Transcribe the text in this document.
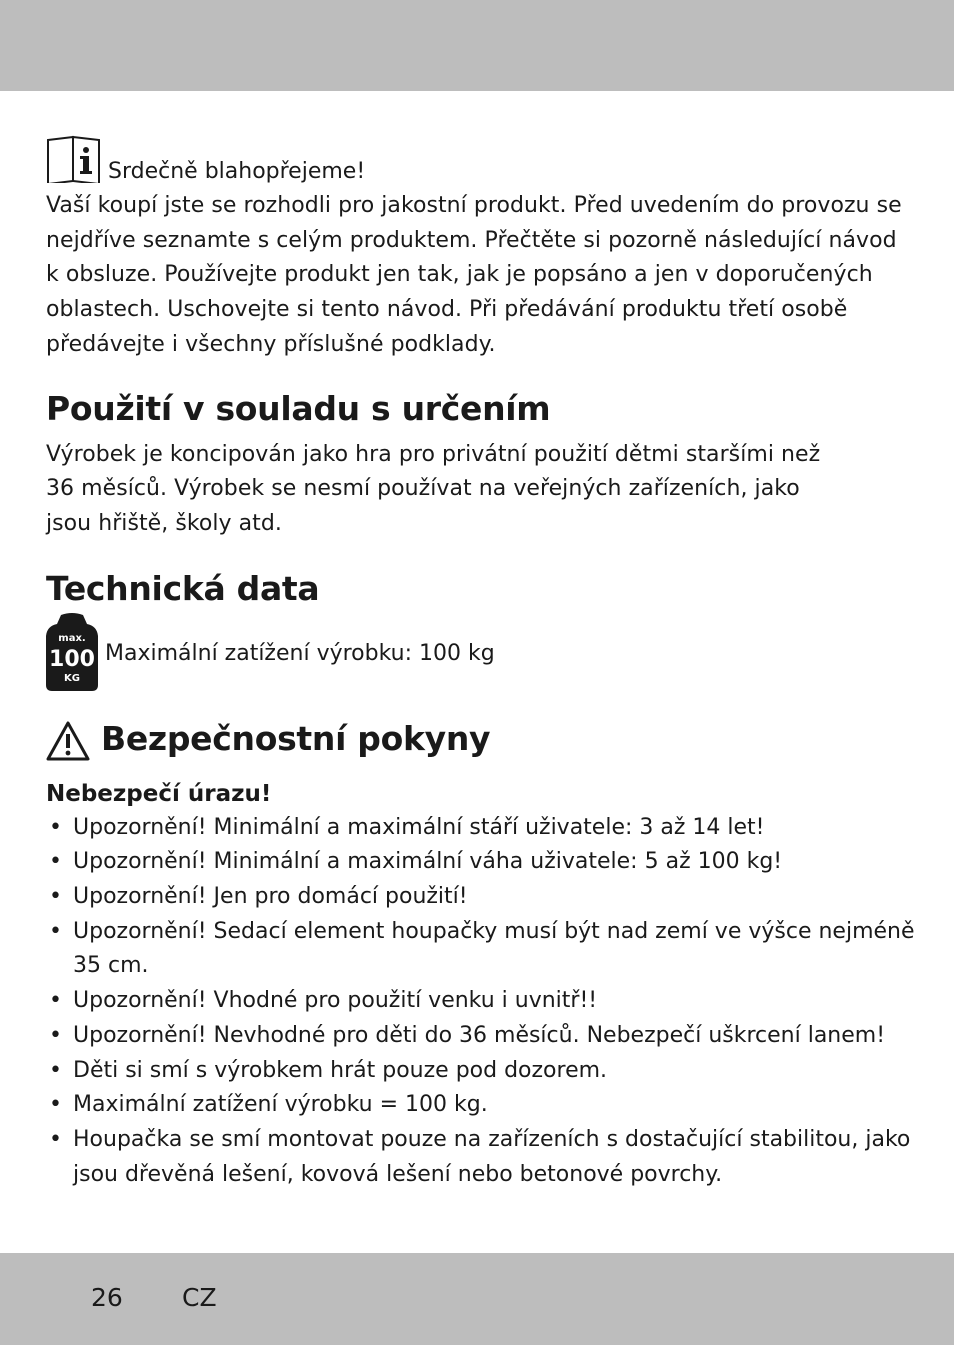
Srdečně blahopřejeme!

Vaší koupí jste se rozhodli pro jakostní produkt. Před uvedením do provozu se nejdříve seznamte s celým produktem. Přečtěte si pozorně následující návod k obsluze. Používejte produkt jen tak, jak je popsáno a jen v doporučených oblastech. Uschovejte si tento návod. Při předávání produktu třetí osobě předávejte i všechny příslušné podklady.

Použití v souladu s určením

Výrobek je koncipován jako hra pro privátní použití dětmi staršími než 36 měsíců. Výrobek se nesmí používat na veřejných zařízeních, jako jsou hřiště, školy atd.

Technická data
max.
100
KG
Maximální zatížení výrobku: 100 kg
Bezpečnostní pokyny
Nebezpečí úrazu!
• Upozornění! Minimální a maximální stáří uživatele: 3 až 14 let!
• Upozornění! Minimální a maximální váha uživatele: 5 až 100 kg!
• Upozornění! Jen pro domácí použití!
• Upozornění! Sedací element houpačky musí být nad zemí ve výšce nejméně 35 cm.
• Upozornění! Vhodné pro použití venku i uvnitř!!
• Upozornění! Nevhodné pro děti do 36 měsíců. Nebezpečí uškrcení lanem!
• Děti si smí s výrobkem hrát pouze pod dozorem.
• Maximální zatížení výrobku = 100 kg.
• Houpačka se smí montovat pouze na zařízeních s dostačující stabilitou, jako jsou dřevěná lešení, kovová lešení nebo betonové povrchy.
26 CZ
